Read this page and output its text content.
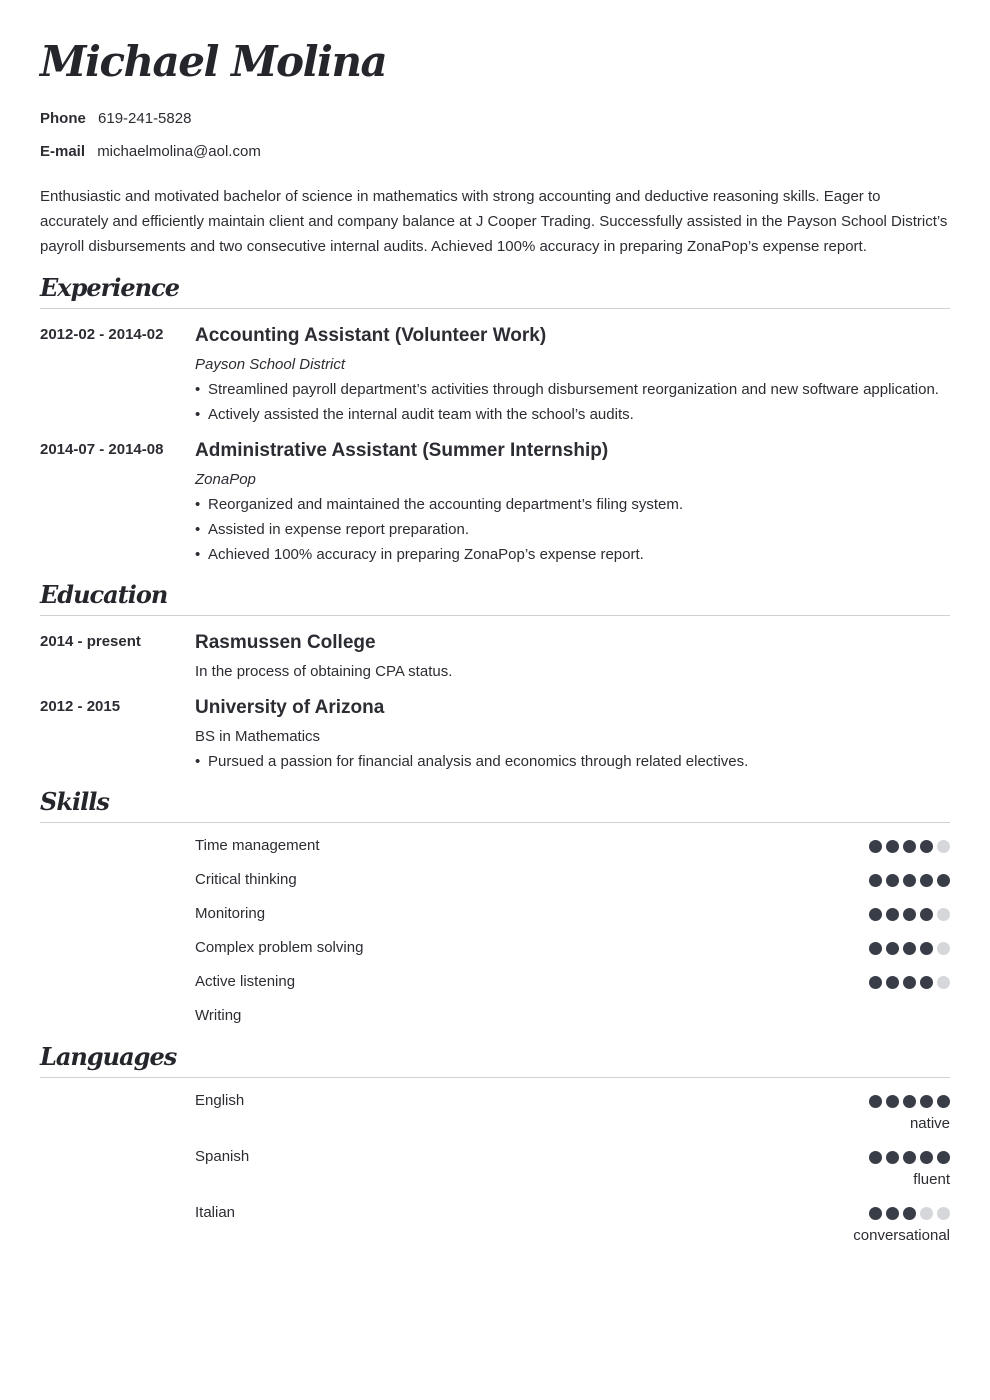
Michael Molina
Phone 619-241-5828
E-mail michaelmolina@aol.com

Enthusiastic and motivated bachelor of science in mathematics with strong accounting and deductive reasoning skills. Eager to accurately and efficiently maintain client and company balance at J Cooper Trading. Successfully assisted in the Payson School District’s payroll disbursements and two consecutive internal audits. Achieved 100% accuracy in preparing ZonaPop’s expense report.

Experience
2012-02 - 2014-02 Accounting Assistant (Volunteer Work)
Payson School District
• Streamlined payroll department’s activities through disbursement reorganization and new software application.
• Actively assisted the internal audit team with the school’s audits.
2014-07 - 2014-08 Administrative Assistant (Summer Internship)
ZonaPop
• Reorganized and maintained the accounting department’s filing system.
• Assisted in expense report preparation.
• Achieved 100% accuracy in preparing ZonaPop’s expense report.
Education
2014 - present	Rasmussen College
In the process of obtaining CPA status.
2012 - 2015	University of Arizona
BS in Mathematics
• Pursued a passion for financial analysis and economics through related electives.
Skills
Time management
Critical thinking
Monitoring
Complex problem solving
Active listening
Writing
Languages
English
native
Spanish
fluent
Italian
conversational
